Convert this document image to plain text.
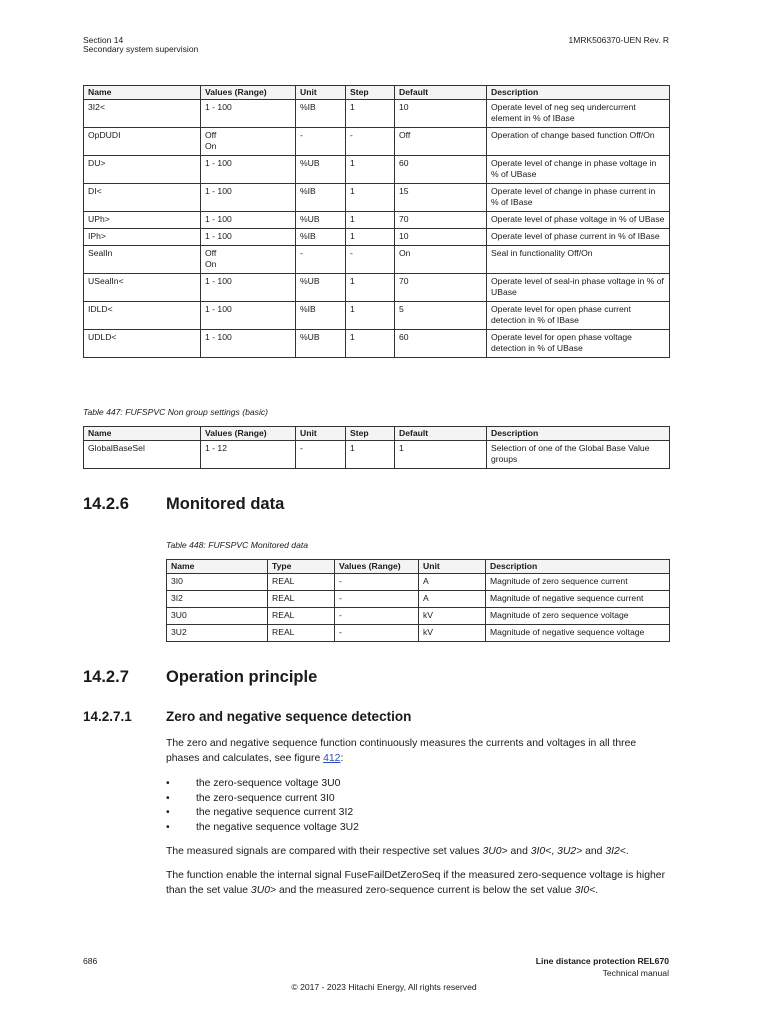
Section 14
Secondary system supervision
1MRK506370-UEN Rev. R
Name	Values (Range)	Unit	Step	Default	Description
3I2<	1 - 100	%IB	1	10	Operate level of neg seq undercurrent element in % of IBase
OpDUDI	Off
On	-	-	Off	Operation of change based function Off/On
DU>	1 - 100	%UB	1	60	Operate level of change in phase voltage in % of UBase
DI<	1 - 100	%IB	1	15	Operate level of change in phase current in % of IBase
UPh>	1 - 100	%UB	1	70	Operate level of phase voltage in % of UBase
IPh>	1 - 100	%IB	1	10	Operate level of phase current in % of IBase
SealIn	Off
On	-	-	On	Seal in functionality Off/On
USealIn<	1 - 100	%UB	1	70	Operate level of seal-in phase voltage in % of UBase
IDLD<	1 - 100	%IB	1	5	Operate level for open phase current detection in % of IBase
UDLD<	1 - 100	%UB	1	60	Operate level for open phase voltage detection in % of UBase
Table 447: FUFSPVC Non group settings (basic)
Name	Values (Range)	Unit	Step	Default	Description
GlobalBaseSel	1 - 12	-	1	1	Selection of one of the Global Base Value groups
14.2.6 Monitored data
Table 448: FUFSPVC Monitored data
Name	Type	Values (Range)	Unit	Description
3I0	REAL	-	A	Magnitude of zero sequence current
3I2	REAL	-	A	Magnitude of negative sequence current
3U0	REAL	-	kV	Magnitude of zero sequence voltage
3U2	REAL	-	kV	Magnitude of negative sequence voltage
14.2.7 Operation principle
14.2.7.1	Zero and negative sequence detection
The zero and negative sequence function continuously measures the currents and voltages in all three phases and calculates, see figure 412:
•	the zero-sequence voltage 3U0
•	the zero-sequence current 3I0
•	the negative sequence current 3I2
•	the negative sequence voltage 3U2
The measured signals are compared with their respective set values 3U0> and 3I0<, 3U2> and 3I2<.
The function enable the internal signal FuseFailDetZeroSeq if the measured zero-sequence voltage is higher than the set value 3U0> and the measured zero-sequence current is below the set value 3I0<.
686	Line distance protection REL670
Technical manual
© 2017 - 2023 Hitachi Energy, All rights reserved
